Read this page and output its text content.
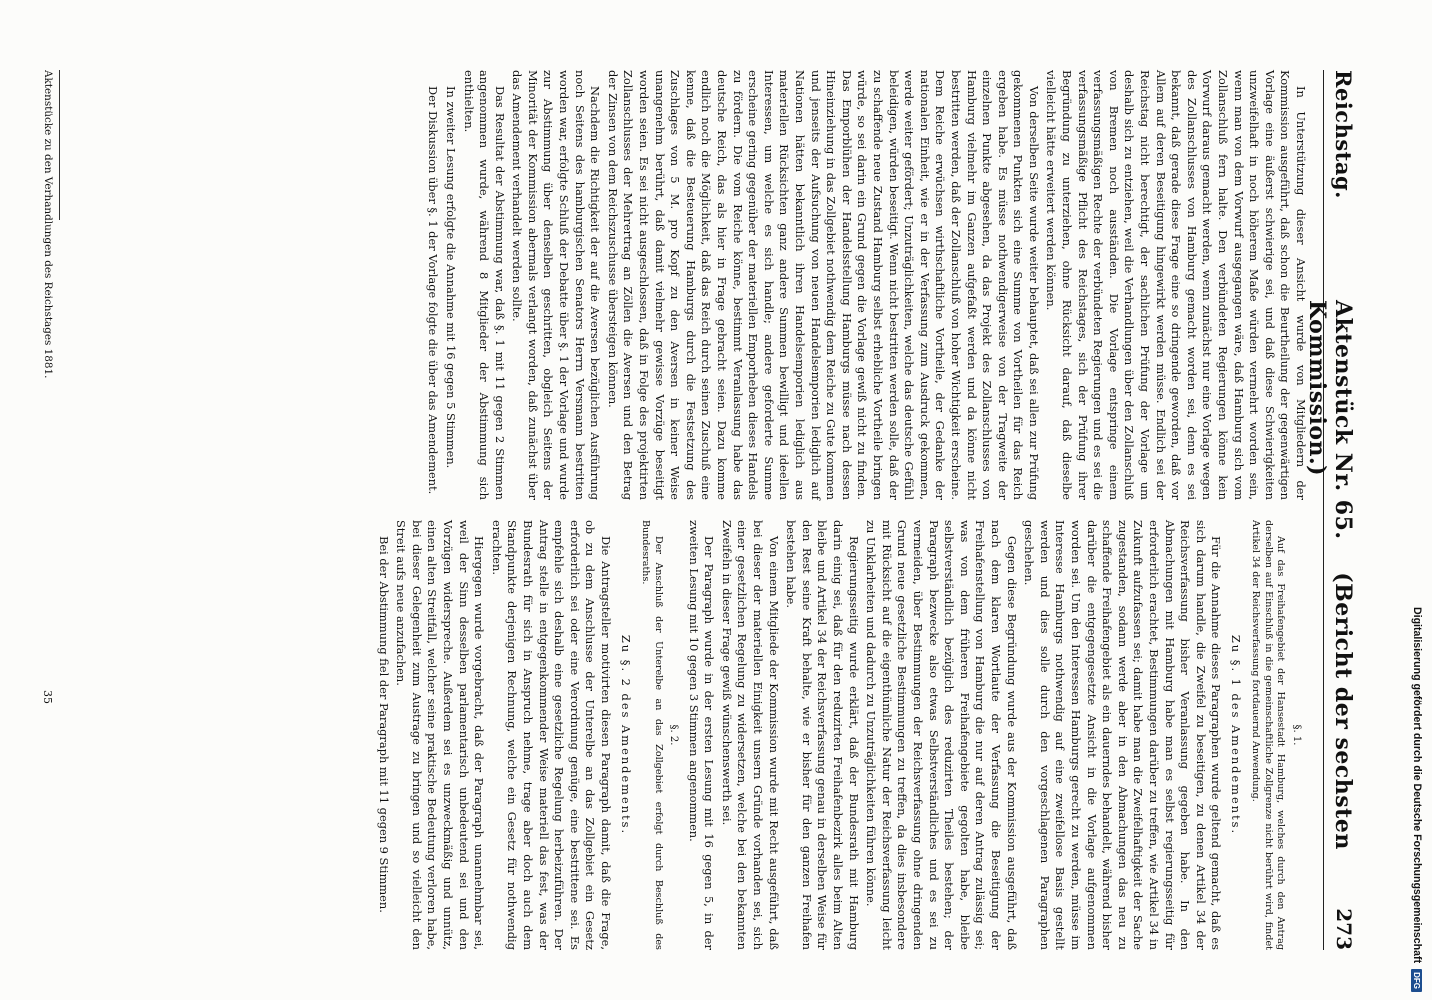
Reichstag.
Aktenstück Nr. 65.    (Bericht der sechsten Kommission.)
273

In Unterstützung dieser Ansicht wurde von Mitgliedern der Kommission ausgeführt, daß schon die Beurtheilung der gegenwärtigen Vorlage eine äußerst schwierige sei, und daß diese Schwierigkeiten unzweifelhaft in noch höherem Maße würden vermehrt worden sein, wenn man von dem Vorwurf ausgegangen wäre, daß Hamburg sich vom Zollanschluß fern halte. Den verbündeten Regierungen könne kein Vorwurf daraus gemacht werden, wenn zunächst nur eine Vorlage wegen des Zollanschlusses von Hamburg gemacht worden sei, denn es sei bekannt, daß gerade diese Frage eine so dringende geworden, daß vor Allem auf deren Beseitigung hingewirkt werden müsse. Endlich sei der Reichstag nicht berechtigt, der sachlichen Prüfung der Vorlage um deshalb sich zu entziehen, weil die Verhandlungen über den Zollanschluß von Bremen noch ausständen. Die Vorlage entspringe einem verfassungsmäßigen Rechte der verbündeten Regierungen und es sei die verfassungsmäßige Pflicht des Reichstages, sich der Prüfung ihrer Begründung zu unterziehen, ohne Rücksicht darauf, daß dieselbe vielleicht hätte erweitert werden können.

Von derselben Seite wurde weiter behauptet, daß sei allen zur Prüfung gekommenen Punkten sich eine Summe von Vortheilen für das Reich ergeben habe. Es müsse nothwendigerweise von der Tragweite der einzelnen Punkte abgesehen, da das Projekt des Zollanschlusses von Hamburg vielmehr im Ganzen aufgefaßt werden und da könne nicht bestritten werden, daß der Zollanschluß von hoher Wichtigkeit erscheine. Dem Reiche erwüchsen wirthschaftliche Vortheile, der Gedanke der nationalen Einheit, wie er in der Verfassung zum Ausdruck gekommen, werde weiter gefördert; Unzuträglichkeiten, welche das deutsche Gefühl beleidigen, würden beseitigt. Wenn nicht bestritten werden solle, daß der zu schaffende neue Zustand Hamburg selbst erhebliche Vortheile bringen würde, so sei darin ein Grund gegen die Vorlage gewiß nicht zu finden. Das Emporblühen der Handelsstellung Hamburgs müsse nach dessen Hineinziehung in das Zollgebiet nothwendig dem Reiche zu Gute kommen und jenseits der Aufsuchung von neuen Handelsemporien lediglich auf Nationen hätten bekanntlich ihren Handelsemporien lediglich aus materiellen Rücksichten ganz andere Summen bewilligt und ideellen Interessen, um welche es sich handle; andere geforderte Summe erscheine gering gegenüber der materiellen Emporheben dieses Handels zu fördern. Die vom Reiche könne, bestimmt Veranlassung habe das deutsche Reich, das als hier in Frage gebracht seien. Dazu komme endlich noch die Möglichkeit, daß das Reich durch seinen Zuschuß eine kenne, daß die Besteuerung Hamburgs durch die Festsetzung des Zuschlages von 5 M. pro Kopf zu den Aversen in keiner Weise unangenehm berührt, daß damit vielmehr gewisse Vorzüge beseitigt worden seien. Es sei nicht ausgeschlossen, daß in Folge des projektirten Zollanschlusses der Mehrertrag an Zöllen die Aversen und den Betrag der Zinsen von dem Reichszuschusse übersteigen können.

Nachdem die Richtigkeit der auf die Aversen bezüglichen Ausführung noch Seitens des hamburgischen Senators Herrn Versmann bestritten worden war, erfolgte Schluß der Debatte über §. 1 der Vorlage und wurde zur Abstimmung über denselben geschritten, obgleich Seitens der Minorität der Kommission abermals verlangt worden, daß zunächst über das Amendement verhandelt werden sollte.

Das Resultat der Abstimmung war, daß §. 1 mit 11 gegen 2 Stimmen angenommen wurde, während 8 Mitglieder der Abstimmung sich enthielten.

In zweiter Lesung erfolgte die Annahme mit 16 gegen 5 Stimmen.

Der Diskussion über §. 1 der Vorlage folgte die über das Amendement.

§. 1.

Auf das Freihafengebiet der Hansestadt Hamburg, welches durch den Antrag derselben auf Einschluß in die gemeinschaftliche Zollgrenze nicht berührt wird, findet Artikel 34 der Reichsverfassung fortdauernd Anwendung.

Zu §. 1 des Amendements.

Für die Annahme dieses Paragraphen wurde geltend gemacht, daß es sich darum handle, die Zweifel zu beseitigen, zu denen Artikel 34 der Reichsverfassung bisher Veranlassung gegeben habe. In den Abmachungen mit Hamburg habe man es selbst regierungsseitig für erforderlich erachtet, Bestimmungen darüber zu treffen, wie Artikel 34 in Zukunft aufzufassen sei; damit habe man die Zweifelhaftigkeit der Sache zugestanden, sodann werde aber in den Abmachungen das neu zu schaffende Freihafengebiet als ein dauerndes behandelt, während bisher darüber die entgegengesetzte Ansicht in die Vorlage aufgenommen worden sei. Um den Interessen Hamburgs gerecht zu werden, müsse im Interesse Hamburgs nothwendig auf eine zweifellose Basis gestellt werden und dies solle durch den vorgeschlagenen Paragraphen geschehen.

Gegen diese Begründung wurde aus der Kommission ausgeführt, daß nach dem klaren Wortlaute der Verfassung die Beseitigung der Freihafenstellung von Hamburg die nur auf deren Antrag zulässig sei; was von dem früheren Freihafengebiete gegolten habe, bleibe selbstverständlich bezüglich des reduzirten Theiles bestehen; der Paragraph bezwecke also etwas Selbstverständliches und es sei zu vermeiden, über Bestimmungen der Reichsverfassung ohne dringenden Grund neue gesetzliche Bestimmungen zu treffen, da dies insbesondere mit Rücksicht auf die eigenthümliche Natur der Reichsverfassung leicht zu Unklarheiten und dadurch zu Unzuträglichkeiten führen könne.

Regierungsseitig wurde erklärt, daß der Bundesrath mit Hamburg darin einig sei, daß für den reduzirten Freihafenbezirk alles beim Alten bleibe und Artikel 34 der Reichsverfassung genau in derselben Weise für den Rest seine Kraft behalte, wie er bisher für den ganzen Freihafen bestehen habe.

Von einem Mitgliede der Kommission wurde mit Recht ausgeführt, daß bei dieser der materiellen Einigkeit unsern Gründe vorhanden sei, sich einer gesetzlichen Regelung zu widersetzen, welche bei den bekannten Zweifeln in dieser Frage gewiß wünschenswerth sei.

Der Paragraph wurde in der ersten Lesung mit 16 gegen 5, in der zweiten Lesung mit 10 gegen 3 Stimmen angenommen.

§. 2.

Der Anschluß der Unterelbe an das Zollgebiet erfolgt durch Beschluß des Bundesraths.

Zu §. 2 des Amendements.

Die Antragsteller motivirten diesen Paragraph damit, daß die Frage, ob zu dem Anschlusse der Unterelbe an das Zollgebiet ein Gesetz erforderlich sei oder eine Verordnung genüge, eine bestrittene sei. Es empfehle sich deshalb eine gesetzliche Regelung herbeizuführen. Der Antrag stelle in entgegenkommender Weise materiell das fest, was der Bundesrath für sich in Anspruch nehme, trage aber doch auch dem Standpunkte derjenigen Rechnung, welche ein Gesetz für nothwendig erachten.

Hiergegen wurde vorgebracht, daß der Paragraph unannehmbar sei, weil der Sinn desselben parlamentarisch unbedeutend sei und den Vorzügen widerspreche. Außerdem sei es unzweckmäßig und unnütz, einen alten Streitfall, welcher seine praktische Bedeutung verloren habe, bei dieser Gelegenheit zum Austrage zu bringen und so vielleicht den Streit aufs neue anzufachen.

Bei der Abstimmung fiel der Paragraph mit 11 gegen 9 Stimmen.

Aktenstücke zu den Verhandlungen des Reichstages 1881.
35	Digitalisierung gefördert durch die Deutsche Forschungsgemeinschaft
DFG
